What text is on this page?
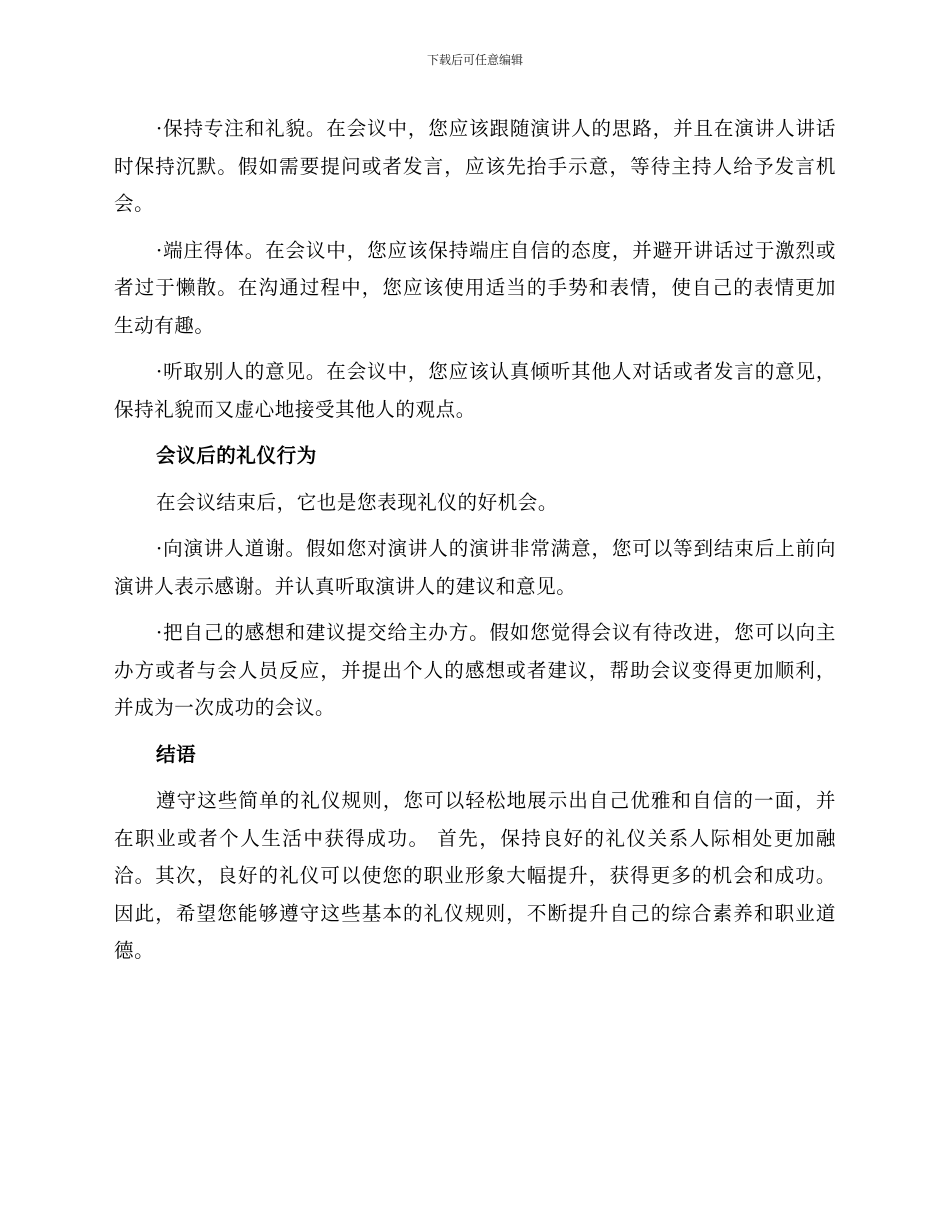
下载后可任意编辑

·保持专注和礼貌。在会议中，您应该跟随演讲人的思路，并且在演讲人讲话时保持沉默。假如需要提问或者发言，应该先抬手示意，等待主持人给予发言机会。

·端庄得体。在会议中，您应该保持端庄自信的态度，并避开讲话过于激烈或者过于懒散。在沟通过程中，您应该使用适当的手势和表情，使自己的表情更加生动有趣。

·听取别人的意见。在会议中，您应该认真倾听其他人对话或者发言的意见，保持礼貌而又虚心地接受其他人的观点。

会议后的礼仪行为

在会议结束后，它也是您表现礼仪的好机会。

·向演讲人道谢。假如您对演讲人的演讲非常满意，您可以等到结束后上前向演讲人表示感谢。并认真听取演讲人的建议和意见。

·把自己的感想和建议提交给主办方。假如您觉得会议有待改进，您可以向主办方或者与会人员反应，并提出个人的感想或者建议，帮助会议变得更加顺利，并成为一次成功的会议。

结语

遵守这些简单的礼仪规则，您可以轻松地展示出自己优雅和自信的一面，并在职业或者个人生活中获得成功。 首先，保持良好的礼仪关系人际相处更加融洽。其次，良好的礼仪可以使您的职业形象大幅提升，获得更多的机会和成功。因此，希望您能够遵守这些基本的礼仪规则，不断提升自己的综合素养和职业道德。
